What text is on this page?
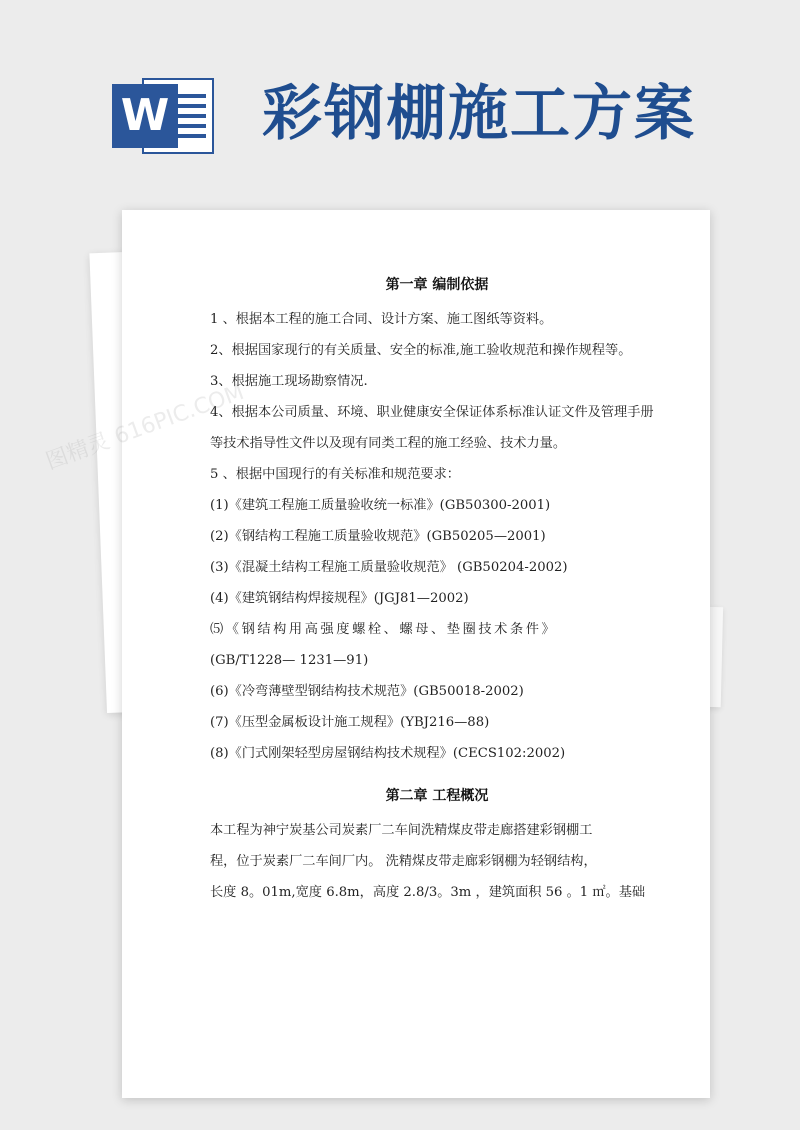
W 彩钢棚施工方案
第一章 编制依据
1 、根据本工程的施工合同、设计方案、施工图纸等资料。
2、根据国家现行的有关质量、安全的标准,施工验收规范和操作规程等。
3、根据施工现场勘察情况.
4、根据本公司质量、环境、职业健康安全保证体系标准认证文件及管理手册等技术指导性文件以及现有同类工程的施工经验、技术力量。
5 、根据中国现行的有关标准和规范要求：
(1)《建筑工程施工质量验收统一标准》(GB50300-2001)
(2)《钢结构工程施工质量验收规范》(GB50205—2001)
(3)《混凝土结构工程施工质量验收规范》 (GB50204-2002)
(4)《建筑钢结构焊接规程》(JGJ81—2002)
⑸《钢结构用高强度螺栓、螺母、垫圈技术条件》
(GB/T1228— 1231—91)
(6)《冷弯薄壁型钢结构技术规范》(GB50018-2002)
(7)《压型金属板设计施工规程》(YBJ216—88)
(8)《门式刚架轻型房屋钢结构技术规程》(CECS102:2002)
第二章 工程概况
本工程为神宁炭基公司炭素厂二车间洗精煤皮带走廊搭建彩钢棚工
程，位于炭素厂二车间厂内。 洗精煤皮带走廊彩钢棚为轻钢结构，
长度 8。01m,宽度 6.8m，高度 2.8/3。3m ，建筑面积 56 。1 ㎡。基础
图精灵
